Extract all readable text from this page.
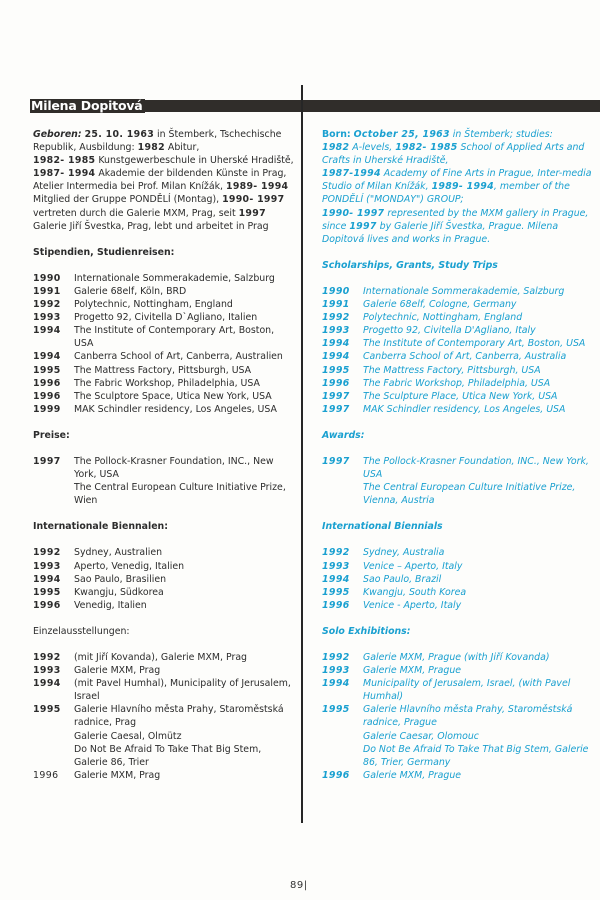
Milena Dopitová
Geboren: 25. 10. 1963 in Štemberk, Tschechische Republik, Ausbildung: 1982 Abitur,
1982- 1985 Kunstgewerbeschule in Uherské Hradiště, 1987- 1994 Akademie der bildenden Künste in Prag, Atelier Intermedia bei Prof. Milan Knížák, 1989- 1994 Mitglied der Gruppe PONDĚLÍ (Montag), 1990- 1997 vertreten durch die Galerie MXM, Prag, seit 1997 Galerie Jiří Švestka, Prag, lebt und arbeitet in Prag
Stipendien, Studienreisen:
1990	Internationale Sommerakademie, Salzburg
1991	Galerie 68elf, Köln, BRD
1992	Polytechnic, Nottingham, England
1993	Progetto 92, Civitella D`Agliano, Italien
1994	The Institute of Contemporary Art, Boston, USA
1994	Canberra School of Art, Canberra, Australien
1995	The Mattress Factory, Pittsburgh, USA
1996	The Fabric Workshop, Philadelphia, USA
1996	The Sculptore Space, Utica New York, USA
1999	MAK Schindler residency, Los Angeles, USA
Preise:
1997	The Pollock-Krasner Foundation, INC., New York, USA
The Central European Culture Initiative Prize, Wien
Internationale Biennalen:
1992	Sydney, Australien
1993	Aperto, Venedig, Italien
1994	Sao Paulo, Brasilien
1995	Kwangju, Südkorea
1996	Venedig, Italien
Einzelausstellungen:
1992	(mit Jiří Kovanda), Galerie MXM, Prag
1993	Galerie MXM, Prag
1994	(mit Pavel Humhal), Municipality of Jerusalem, Israel
1995	Galerie Hlavního města Prahy, Staroměstská radnice, Prag
Galerie Caesal, Olmütz
Do Not Be Afraid To Take That Big Stem, Galerie 86, Trier
1996	Galerie MXM, Prag
Born: October 25, 1963 in Štemberk; studies:
1982 A-levels, 1982- 1985 School of Applied Arts and Crafts in Uherské Hradiště,
1987-1994 Academy of Fine Arts in Prague, Inter-media Studio of Milan Knížák, 1989- 1994, member of the PONDĚLÍ ("MONDAY") GROUP;
1990- 1997 represented by the MXM gallery in Prague, since 1997 by Galerie Jiří Švestka, Prague. Milena Dopitová lives and works in Prague.
Scholarships, Grants, Study Trips
1990	Internationale Sommerakademie, Salzburg
1991	Galerie 68elf, Cologne, Germany
1992	Polytechnic, Nottingham, England
1993	Progetto 92, Civitella D'Agliano, Italy
1994	The Institute of Contemporary Art, Boston, USA
1994	Canberra School of Art, Canberra, Australia
1995	The Mattress Factory, Pittsburgh, USA
1996	The Fabric Workshop, Philadelphia, USA
1997	The Sculpture Place, Utica New York, USA
1997	MAK Schindler residency, Los Angeles, USA
Awards:
1997	The Pollock-Krasner Foundation, INC., New York, USA
The Central European Culture Initiative Prize, Vienna, Austria
International Biennials
1992	Sydney, Australia
1993	Venice – Aperto, Italy
1994	Sao Paulo, Brazil
1995	Kwangju, South Korea
1996	Venice - Aperto, Italy
Solo Exhibitions:
1992	Galerie MXM, Prague (with Jiří Kovanda)
1993	Galerie MXM, Prague
1994	Municipality of Jerusalem, Israel, (with Pavel Humhal)
1995	Galerie Hlavního města Prahy, Staroměstská radnice, Prague
Galerie Caesar, Olomouc
Do Not Be Afraid To Take That Big Stem, Galerie 86, Trier, Germany
1996	Galerie MXM, Prague
89|
